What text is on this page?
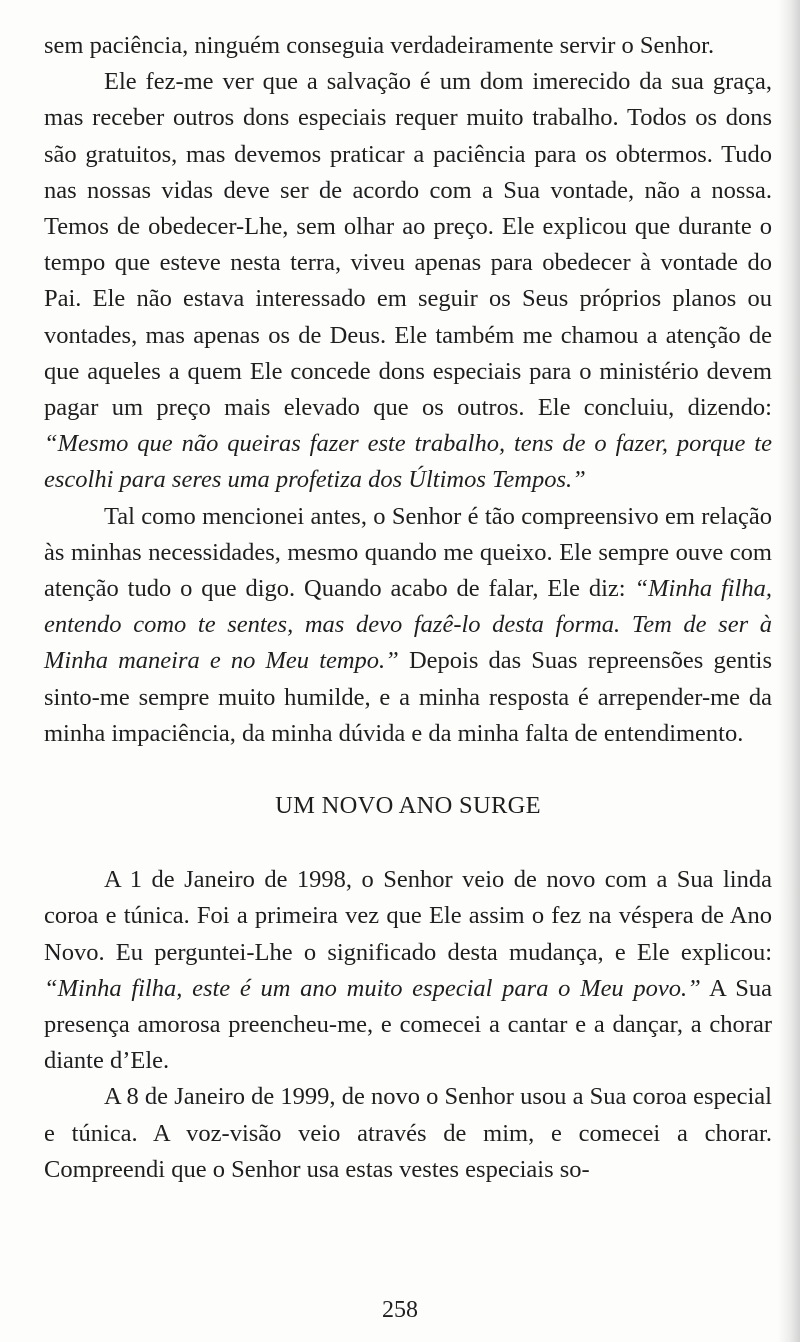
sem paciência, ninguém conseguia verdadeiramente servir o Senhor.

Ele fez-me ver que a salvação é um dom imerecido da sua graça, mas receber outros dons especiais requer muito trabalho. Todos os dons são gratuitos, mas devemos praticar a paciência para os obtermos. Tudo nas nossas vidas deve ser de acordo com a Sua vontade, não a nossa. Temos de obedecer-Lhe, sem olhar ao preço. Ele explicou que durante o tempo que esteve nesta terra, viveu apenas para obedecer à vontade do Pai. Ele não estava interessado em seguir os Seus próprios planos ou vontades, mas apenas os de Deus. Ele também me chamou a atenção de que aqueles a quem Ele concede dons especiais para o ministério devem pagar um preço mais elevado que os outros. Ele concluiu, dizendo: “Mesmo que não queiras fazer este trabalho, tens de o fazer, porque te escolhi para seres uma profetiza dos Últimos Tempos.”

Tal como mencionei antes, o Senhor é tão compreensivo em relação às minhas necessidades, mesmo quando me queixo. Ele sempre ouve com atenção tudo o que digo. Quando acabo de falar, Ele diz: “Minha filha, entendo como te sentes, mas devo fazê-lo desta forma. Tem de ser à Minha maneira e no Meu tempo.” Depois das Suas repreensões gentis sinto-me sempre muito humilde, e a minha resposta é arrepender-me da minha impaciência, da minha dúvida e da minha falta de entendimento.

UM NOVO ANO SURGE

A 1 de Janeiro de 1998, o Senhor veio de novo com a Sua linda coroa e túnica. Foi a primeira vez que Ele assim o fez na véspera de Ano Novo. Eu perguntei-Lhe o significado desta mudança, e Ele explicou: “Minha filha, este é um ano muito especial para o Meu povo.” A Sua presença amorosa preencheu-me, e comecei a cantar e a dançar, a chorar diante d’Ele.

A 8 de Janeiro de 1999, de novo o Senhor usou a Sua coroa especial e túnica. A voz-visão veio através de mim, e comecei a chorar. Compreendi que o Senhor usa estas vestes especiais so-

258
